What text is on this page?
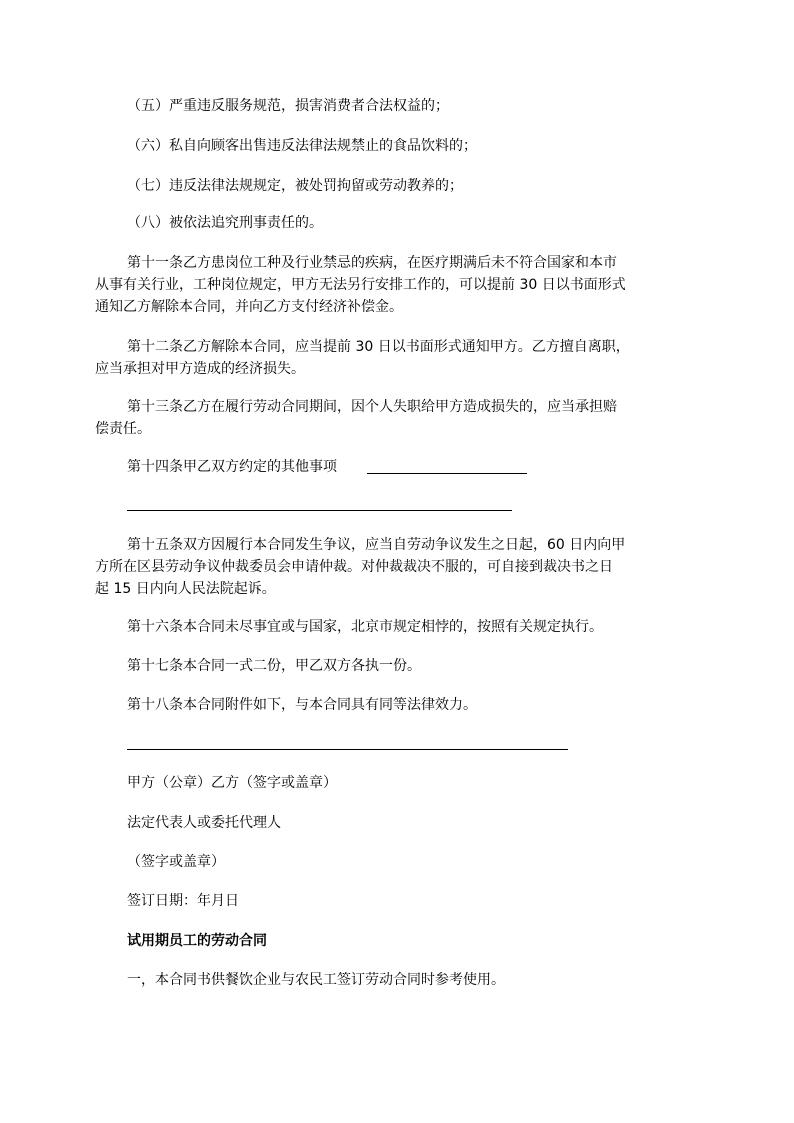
（五）严重违反服务规范，损害消费者合法权益的；
（六）私自向顾客出售违反法律法规禁止的食品饮料的；
（七）违反法律法规规定，被处罚拘留或劳动教养的；
（八）被依法追究刑事责任的。
第十一条乙方患岗位工种及行业禁忌的疾病，在医疗期满后未不符合国家和本市
从事有关行业，工种岗位规定，甲方无法另行安排工作的，可以提前 30 日以书面形式
通知乙方解除本合同，并向乙方支付经济补偿金。
第十二条乙方解除本合同，应当提前 30 日以书面形式通知甲方。乙方擅自离职，
应当承担对甲方造成的经济损失。
第十三条乙方在履行劳动合同期间，因个人失职给甲方造成损失的，应当承担赔
偿责任。
第十四条甲乙双方约定的其他事项
第十五条双方因履行本合同发生争议，应当自劳动争议发生之日起，60 日内向甲
方所在区县劳动争议仲裁委员会申请仲裁。对仲裁裁决不服的，可自接到裁决书之日
起 15 日内向人民法院起诉。
第十六条本合同未尽事宜或与国家，北京市规定相悖的，按照有关规定执行。
第十七条本合同一式二份，甲乙双方各执一份。
第十八条本合同附件如下，与本合同具有同等法律效力。
甲方（公章）乙方（签字或盖章）
法定代表人或委托代理人
（签字或盖章）
签订日期：年月日
试用期员工的劳动合同
一，本合同书供餐饮企业与农民工签订劳动合同时参考使用。
